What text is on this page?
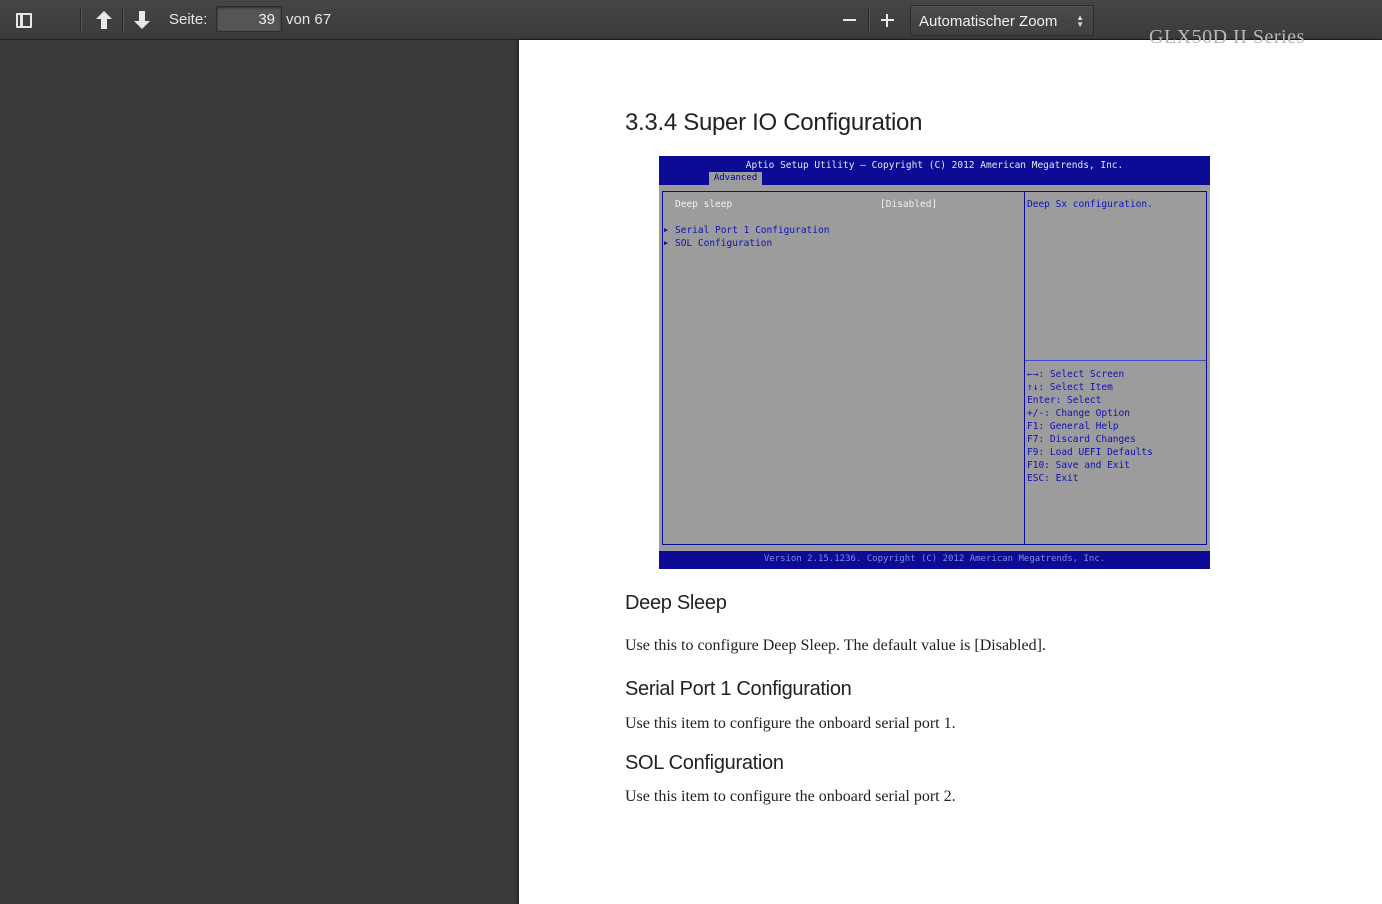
Seite:
39	von 67	Automatischer Zoom ▲
▼
GLX50D II Series
3.3.4 Super IO Configuration
Aptio Setup Utility – Copyright (C) 2012 American Megatrends, Inc.
Advanced
Deep sleep	[Disabled]
▶ Serial Port 1 Configuration
▶ SOL Configuration
Deep Sx configuration.
←→: Select Screen
↑↓: Select Item
Enter: Select
+/-: Change Option
F1: General Help
F7: Discard Changes
F9: Load UEFI Defaults
F10: Save and Exit
ESC: Exit
Version 2.15.1236. Copyright (C) 2012 American Megatrends, Inc.
Deep Sleep
Use this to configure Deep Sleep. The default value is [Disabled].
Serial Port 1 Configuration
Use this item to configure the onboard serial port 1.
SOL Configuration
Use this item to configure the onboard serial port 2.
